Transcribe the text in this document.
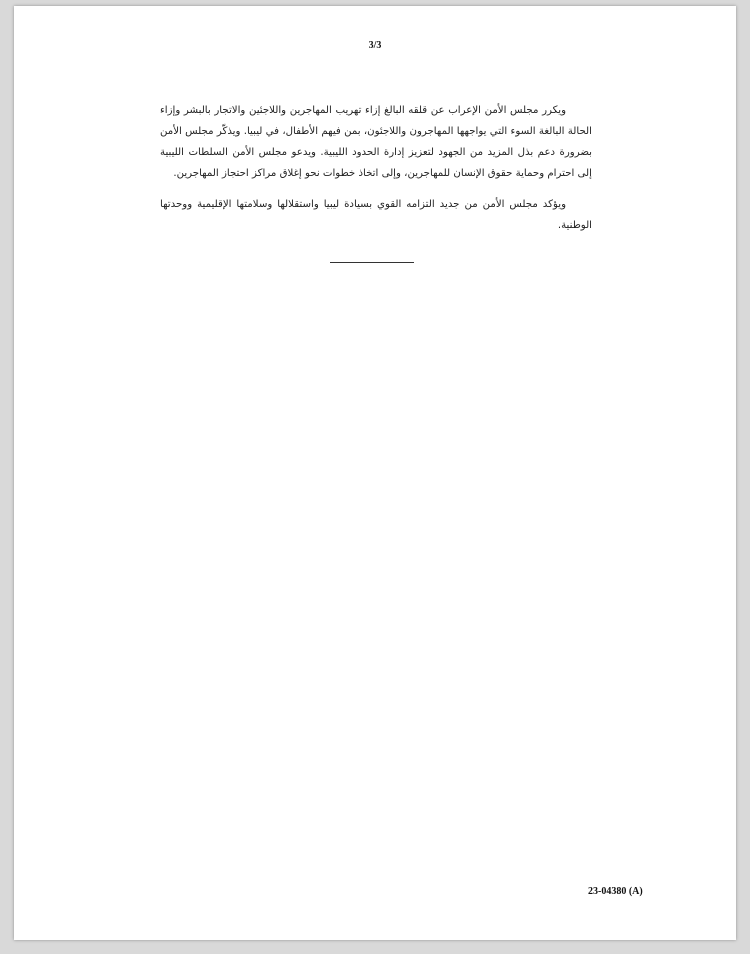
3/3

ويكرر مجلس الأمن الإعراب عن قلقه البالغ إزاء تهريب المهاجرين واللاجئين والاتجار بالبشر وإزاء الحالة البالغة السوء التي يواجهها المهاجرون واللاجئون، بمن فيهم الأطفال، في ليبيا. ويذكّر مجلس الأمن بضرورة دعم بذل المزيد من الجهود لتعزيز إدارة الحدود الليبية. ويدعو مجلس الأمن السلطات الليبية إلى احترام وحماية حقوق الإنسان للمهاجرين، وإلى اتخاذ خطوات نحو إغلاق مراكز احتجاز المهاجرين.

ويؤكد مجلس الأمن من جديد التزامه القوي بسيادة ليبيا واستقلالها وسلامتها الإقليمية ووحدتها الوطنية.

23-04380 (A)
